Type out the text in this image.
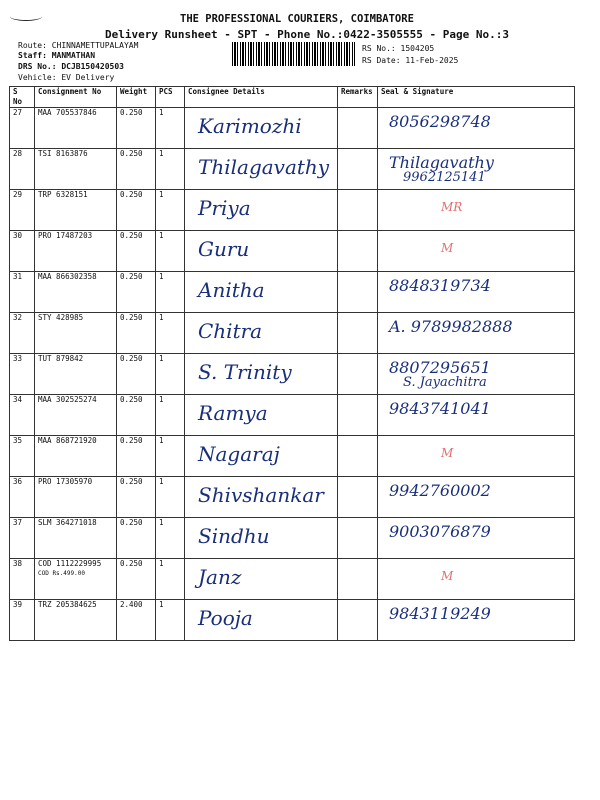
THE PROFESSIONAL COURIERS, COIMBATORE
Delivery Runsheet - SPT - Phone No.:0422-3505555 - Page No.:3
Route: CHINNAMETTUPALAYAM
Staff: MANMATHAN
DRS No.: DCJB150420503
Vehicle: EV Delivery
RS No.: 1504205
RS Date: 11-Feb-2025
S No	Consignment No	Weight	PCS	Consignee Details	Remarks	Seal & Signature
27	MAA 705537846	0.250	1	Karimozhi		8056298748

28	TSI 8163876	0.250	1	Thilagavathy		Thilagavathy
9962125141

29	TRP 6328151	0.250	1	Priya		MR

30	PRO 17487203	0.250	1	Guru		M

31	MAA 866302358	0.250	1	Anitha		8848319734

32	STY 428985	0.250	1	Chitra		A. 9789982888

33	TUT 879842	0.250	1	S. Trinity		8807295651
S. Jayachitra

34	MAA 302525274	0.250	1	Ramya		9843741041

35	MAA 868721920	0.250	1	Nagaraj		M

36	PRO 17305970	0.250	1	Shivshankar		9942760002

37	SLM 364271018	0.250	1	Sindhu		9003076879

38	COD 1112229995
COD Rs.499.00	0.250	1	Janz		M

39	TRZ 205384625	2.400	1	Pooja		9843119249
